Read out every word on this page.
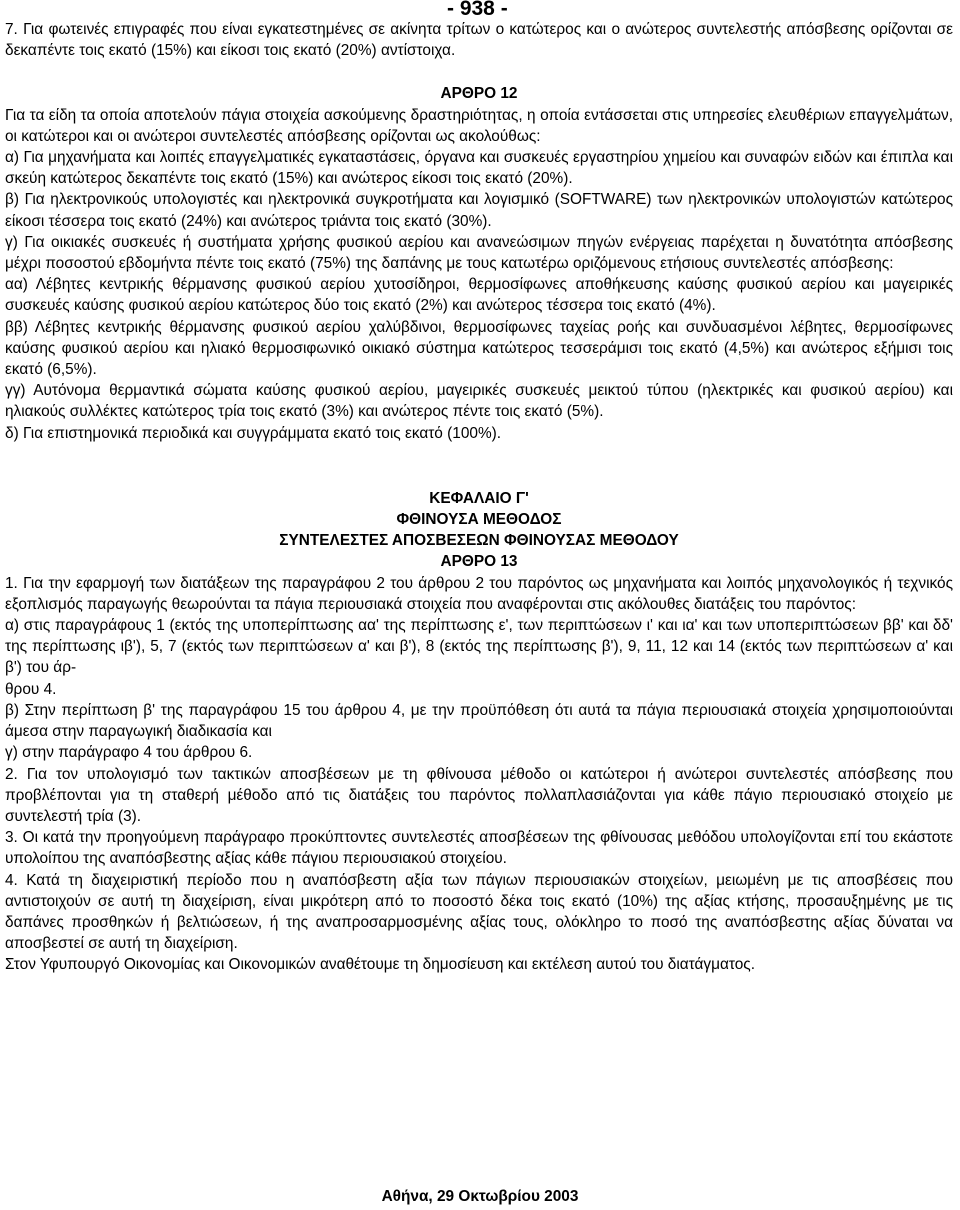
- 938 -

7. Για φωτεινές επιγραφές που είναι εγκατεστημένες σε ακίνητα τρίτων ο κατώτερος και ο ανώτερος συντελεστής απόσβεσης ορίζονται σε δεκαπέντε τοις εκατό (15%) και είκοσι τοις εκατό (20%) αντίστοιχα.

ΑΡΘΡΟ 12

Για τα είδη τα οποία αποτελούν πάγια στοιχεία ασκούμενης δραστηριότητας, η οποία εντάσσεται στις υπηρεσίες ελευθέριων επαγγελμάτων, οι κατώτεροι και οι ανώτεροι συντελεστές απόσβεσης ορίζονται ως ακολούθως:

α) Για μηχανήματα και λοιπές επαγγελματικές εγκαταστάσεις, όργανα και συσκευές εργαστηρίου χημείου και συναφών ειδών και έπιπλα και σκεύη κατώτερος δεκαπέντε τοις εκατό (15%) και ανώτερος είκοσι τοις εκατό (20%).

β) Για ηλεκτρονικούς υπολογιστές και ηλεκτρονικά συγκροτήματα και λογισμικό (SOFTWARE) των ηλεκτρονικών υπολογιστών κατώτερος είκοσι τέσσερα τοις εκατό (24%) και ανώτερος τριάντα τοις εκατό (30%).

γ) Για οικιακές συσκευές ή συστήματα χρήσης φυσικού αερίου και ανανεώσιμων πηγών ενέργειας παρέχεται η δυνατότητα απόσβεσης μέχρι ποσοστού εβδομήντα πέντε τοις εκατό (75%) της δαπάνης με τους κατωτέρω οριζόμενους ετήσιους συντελεστές απόσβεσης:

αα) Λέβητες κεντρικής θέρμανσης φυσικού αερίου χυτοσίδηροι, θερμοσίφωνες αποθήκευσης καύσης φυσικού αερίου και μαγειρικές συσκευές καύσης φυσικού αερίου κατώτερος δύο τοις εκατό (2%) και ανώτερος τέσσερα τοις εκατό (4%).

ββ) Λέβητες κεντρικής θέρμανσης φυσικού αερίου χαλύβδινοι, θερμοσίφωνες ταχείας ροής και συνδυασμένοι λέβητες, θερμοσίφωνες καύσης φυσικού αερίου και ηλιακό θερμοσιφωνικό οικιακό σύστημα κατώτερος τεσσεράμισι τοις εκατό (4,5%) και ανώτερος εξήμισι τοις εκατό (6,5%).

γγ) Αυτόνομα θερμαντικά σώματα καύσης φυσικού αερίου, μαγειρικές συσκευές μεικτού τύπου (ηλεκτρικές και φυσικού αερίου) και ηλιακούς συλλέκτες κατώτερος τρία τοις εκατό (3%) και ανώτερος πέντε τοις εκατό (5%).

δ) Για επιστημονικά περιοδικά και συγγράμματα εκατό τοις εκατό (100%).

ΚΕΦΑΛΑΙΟ Γ'

ΦΘΙΝΟΥΣΑ ΜΕΘΟΔΟΣ

ΣΥΝΤΕΛΕΣΤΕΣ ΑΠΟΣΒΕΣΕΩΝ ΦΘΙΝΟΥΣΑΣ ΜΕΘΟΔΟΥ

ΑΡΘΡΟ 13

1. Για την εφαρμογή των διατάξεων της παραγράφου 2 του άρθρου 2 του παρόντος ως μηχανήματα και λοιπός μηχανολογικός ή τεχνικός εξοπλισμός παραγωγής θεωρούνται τα πάγια περιουσιακά στοιχεία που αναφέρονται στις ακόλουθες διατάξεις του παρόντος:

α) στις παραγράφους 1 (εκτός της υποπερίπτωσης αα' της περίπτωσης ε', των περιπτώσεων ι' και ια' και των υποπεριπτώσεων ββ' και δδ' της περίπτωσης ιβ'), 5, 7 (εκτός των περιπτώσεων α' και β'), 8 (εκτός της περίπτωσης β'), 9, 11, 12 και 14 (εκτός των περιπτώσεων α' και β') του άρ-

θρου 4.

β) Στην περίπτωση β' της παραγράφου 15 του άρθρου 4, με την προϋπόθεση ότι αυτά τα πάγια περιουσιακά στοιχεία χρησιμοποιούνται άμεσα στην παραγωγική διαδικασία και

γ) στην παράγραφο 4 του άρθρου 6.

2. Για τον υπολογισμό των τακτικών αποσβέσεων με τη φθίνουσα μέθοδο οι κατώτεροι ή ανώτεροι συντελεστές απόσβεσης που προβλέπονται για τη σταθερή μέθοδο από τις διατάξεις του παρόντος πολλαπλασιάζονται για κάθε πάγιο περιουσιακό στοιχείο με συντελεστή τρία (3).

3. Οι κατά την προηγούμενη παράγραφο προκύπτοντες συντελεστές αποσβέσεων της φθίνουσας μεθόδου υπολογίζονται επί του εκάστοτε υπολοίπου της αναπόσβεστης αξίας κάθε πάγιου περιουσιακού στοιχείου.

4. Κατά τη διαχειριστική περίοδο που η αναπόσβεστη αξία των πάγιων περιουσιακών στοιχείων, μειωμένη με τις αποσβέσεις που αντιστοιχούν σε αυτή τη διαχείριση, είναι μικρότερη από το ποσοστό δέκα τοις εκατό (10%) της αξίας κτήσης, προσαυξημένης με τις δαπάνες προσθηκών ή βελτιώσεων, ή της αναπροσαρμοσμένης αξίας τους, ολόκληρο το ποσό της αναπόσβεστης αξίας δύναται να αποσβεστεί σε αυτή τη διαχείριση.

Στον Υφυπουργό Οικονομίας και Οικονομικών αναθέτουμε τη δημοσίευση και εκτέλεση αυτού του διατάγματος.

Αθήνα, 29 Οκτωβρίου 2003
